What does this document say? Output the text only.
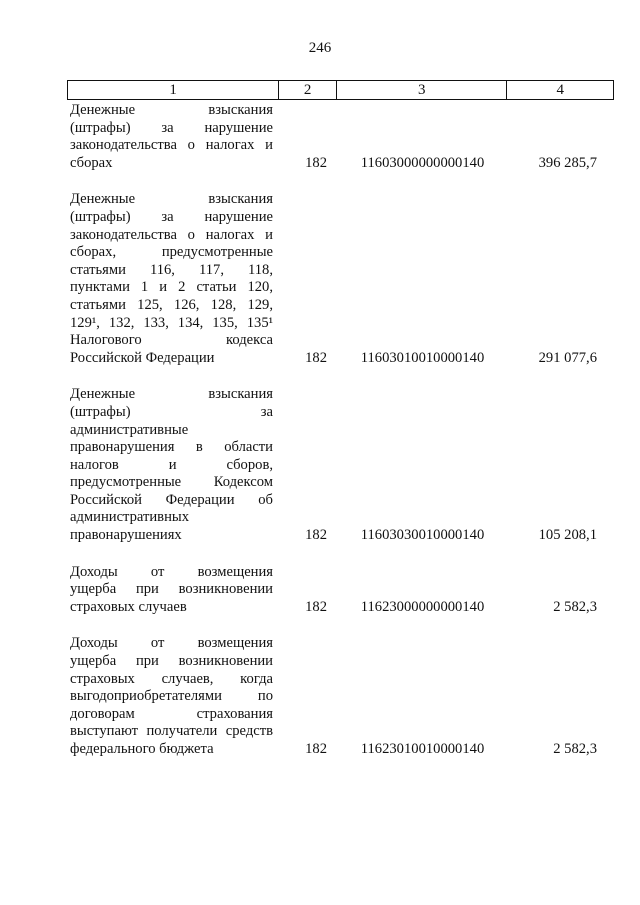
246
1	2	3	4
Денежные взыскания
(штрафы) за нарушение
законодательства о налогах и
сборах	182	11603000000000140	396 285,7
Денежные взыскания
(штрафы) за нарушение
законодательства о налогах и
сборах, предусмотренные
статьями 116, 117, 118,
пунктами 1 и 2 статьи 120,
статьями 125, 126, 128, 129,
129¹, 132, 133, 134, 135, 135¹
Налогового кодекса
Российской Федерации	182	11603010010000140	291 077,6
Денежные взыскания
(штрафы) за
административные
правонарушения в области
налогов и сборов,
предусмотренные Кодексом
Российской Федерации об
административных
правонарушениях	182	11603030010000140	105 208,1
Доходы от возмещения
ущерба при возникновении
страховых случаев	182	11623000000000140	2 582,3
Доходы от возмещения
ущерба при возникновении
страховых случаев, когда
выгодоприобретателями по
договорам страхования
выступают получатели средств
федерального бюджета	182	11623010010000140	2 582,3
